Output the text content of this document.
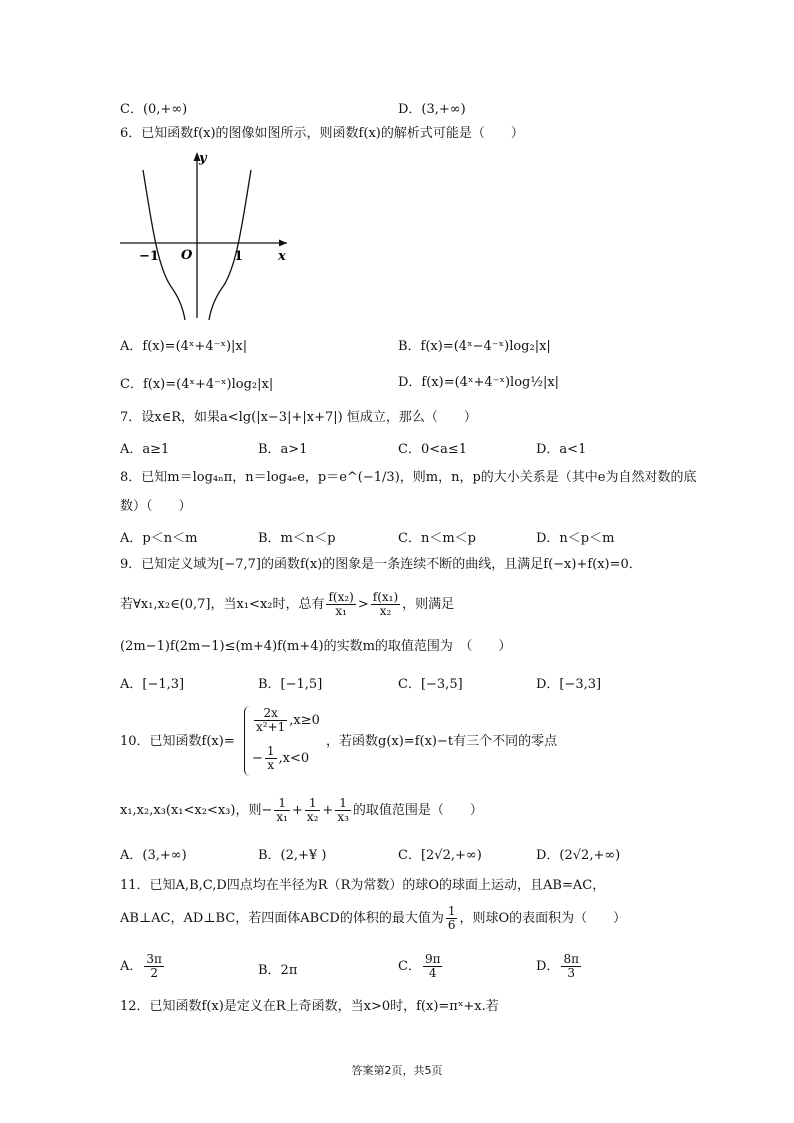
C．(0,+∞)	D．(3,+∞)
6．已知函数f(x)的图像如图所示，则函数f(x)的解析式可能是（　　）
y
x
O
−1	1
A．f(x)=(4ˣ+4⁻ˣ)|x|	B．f(x)=(4ˣ−4⁻ˣ)log₂|x|
C．f(x)=(4ˣ+4⁻ˣ)log₂|x|	D．f(x)=(4ˣ+4⁻ˣ)log½|x|
7．设x∈R，如果a<lg(|x−3|+|x+7|) 恒成立，那么（　　）
A．a≥1	B．a>1	C．0<a≤1	D．a<1
8．已知m＝log₄ₙπ，n＝log₄ₑe，p＝e^(−1/3)，则m，n，p的大小关系是（其中e为自然对数的底
数）（　　）
A．p＜n＜m	B．m＜n＜p	C．n＜m＜p	D．n＜p＜m
9．已知定义域为[−7,7]的函数f(x)的图象是一条连续不断的曲线，且满足f(−x)+f(x)=0．
若∀x₁,x₂∈(0,7]，当x₁<x₂时，总有 $\frac{\text{f(x₂)}}{\text{x₁}} > \frac{\text{f(x₁)}}{\text{x₂}}$ ，则满足
(2m−1)f(2m−1)≤(m+4)f(m+4)的实数m的取值范围为　（　　）
A．[−1,3]	B．[−1,5]	C．[−3,5]	D．[−3,3]
10．已知函数f(x)=
$\frac{2x}{\text{x²+1}} ,x\ge 0$
− $\frac{1}{x} ,x<0$
，若函数g(x)=f(x)−t有三个不同的零点
x₁,x₂,x₃(x₁<x₂<x₃)，则− $\frac{1}{\text{x₁}} + \frac{1}{\text{x₂}} + \frac{1}{\text{x₃}}$ 的取值范围是（　　）
A．(3,+∞)	B．(2,+¥ )	C．[2√2,+∞)	D．(2√2,+∞)
11．已知A,B,C,D四点均在半径为R（R为常数）的球O的球面上运动，且AB=AC，
AB⊥AC，AD⊥BC，若四面体ABCD的体积的最大值为 $\frac{1}{6}$ ，则球O的表面积为（　　）
A． $\frac{3\pi}{2}$	B．2π	C． $\frac{9\pi}{4}$	D． $\frac{8\pi}{3}$
12．已知函数f(x)是定义在R上奇函数，当x>0时，f(x)=πˣ+x.若
答案第2页，共5页
